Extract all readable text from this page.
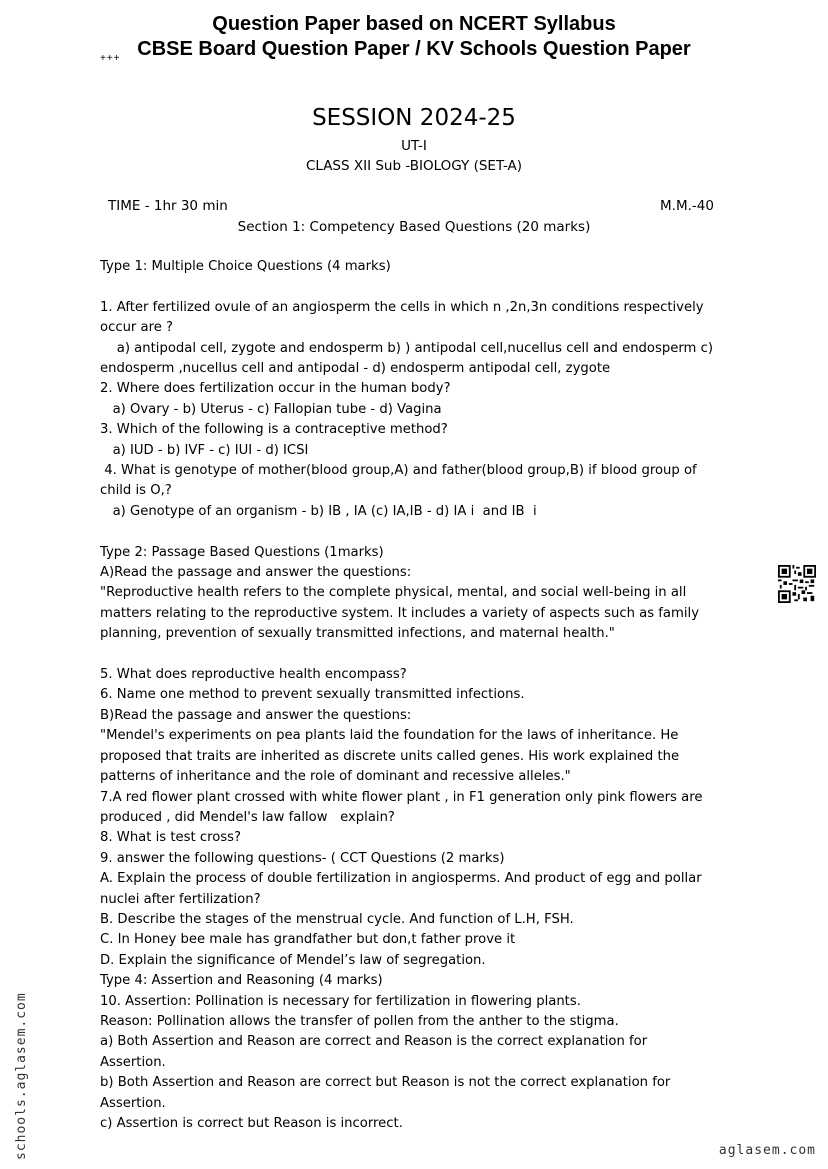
Question Paper based on NCERT Syllabus
CBSE Board Question Paper / KV Schools Question Paper
+++
SESSION 2024-25
UT-I
CLASS XII Sub -BIOLOGY (SET-A)
TIME - 1hr 30 min	M.M.-40
Section 1: Competency Based Questions (20 marks)
Type 1: Multiple Choice Questions (4 marks)
1. After fertilized ovule of an angiosperm the cells in which n ,2n,3n conditions respectively
occur are ?
a) antipodal cell, zygote and endosperm b) ) antipodal cell,nucellus cell and endosperm c)
endosperm ,nucellus cell and antipodal - d) endosperm antipodal cell, zygote
2. Where does fertilization occur in the human body?
a) Ovary - b) Uterus - c) Fallopian tube - d) Vagina
3. Which of the following is a contraceptive method?
a) IUD - b) IVF - c) IUI - d) ICSI
4. What is genotype of mother(blood group,A) and father(blood group,B) if blood group of
child is O,?
a) Genotype of an organism - b) IB , IA (c) IA,IB - d) IA i  and IB  i
Type 2: Passage Based Questions (1marks)
A)Read the passage and answer the questions:
"Reproductive health refers to the complete physical, mental, and social well-being in all
matters relating to the reproductive system. It includes a variety of aspects such as family
planning, prevention of sexually transmitted infections, and maternal health."
5. What does reproductive health encompass?
6. Name one method to prevent sexually transmitted infections.
B)Read the passage and answer the questions:
"Mendel's experiments on pea plants laid the foundation for the laws of inheritance. He
proposed that traits are inherited as discrete units called genes. His work explained the
patterns of inheritance and the role of dominant and recessive alleles."
7.A red flower plant crossed with white flower plant , in F1 generation only pink flowers are
produced , did Mendel's law fallow   explain?
8. What is test cross?
9. answer the following questions- ( CCT Questions (2 marks)
A. Explain the process of double fertilization in angiosperms. And product of egg and pollar
nuclei after fertilization?
B. Describe the stages of the menstrual cycle. And function of L.H, FSH.
C. In Honey bee male has grandfather but don,t father prove it
D. Explain the significance of Mendel’s law of segregation.
Type 4: Assertion and Reasoning (4 marks)
10. Assertion: Pollination is necessary for fertilization in flowering plants.
Reason: Pollination allows the transfer of pollen from the anther to the stigma.
a) Both Assertion and Reason are correct and Reason is the correct explanation for
Assertion.
b) Both Assertion and Reason are correct but Reason is not the correct explanation for
Assertion.
c) Assertion is correct but Reason is incorrect.
schools.aglasem.com	aglasem.com
